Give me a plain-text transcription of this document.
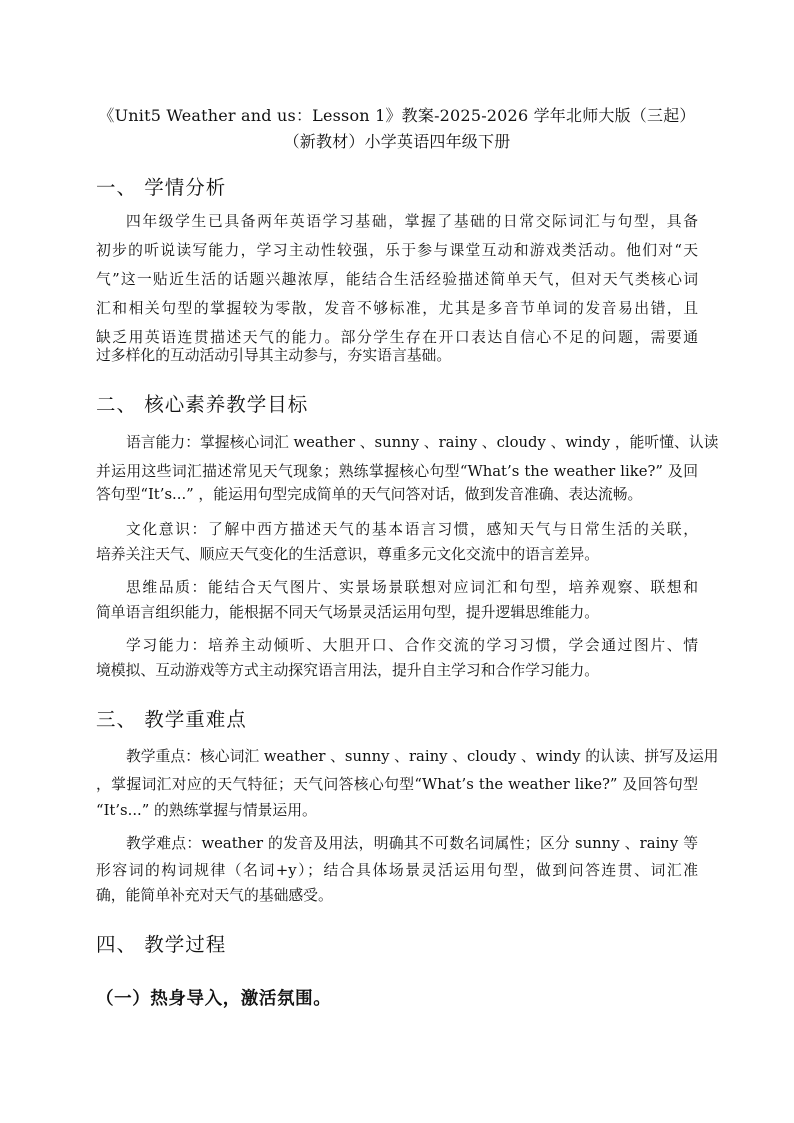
《Unit5 Weather and us：Lesson 1》教案-2025-2026 学年北师大版（三起）
（新教材）小学英语四年级下册
一、 学情分析
四年级学生已具备两年英语学习基础，掌握了基础的日常交际词汇与句型，具备
初步的听说读写能力，学习主动性较强，乐于参与课堂互动和游戏类活动。他们对“天
气”这一贴近生活的话题兴趣浓厚，能结合生活经验描述简单天气，但对天气类核心词
汇和相关句型的掌握较为零散，发音不够标准，尤其是多音节单词的发音易出错，且
缺乏用英语连贯描述天气的能力。部分学生存在开口表达自信心不足的问题，需要通
过多样化的互动活动引导其主动参与，夯实语言基础。
二、 核心素养教学目标
语言能力：掌握核心词汇 weather 、sunny 、rainy 、cloudy 、windy ，能听懂、认读
并运用这些词汇描述常见天气现象；熟练掌握核心句型“What’s the weather like?” 及回
答句型“It’s...” ，能运用句型完成简单的天气问答对话，做到发音准确、表达流畅。
文化意识：了解中西方描述天气的基本语言习惯，感知天气与日常生活的关联，
培养关注天气、顺应天气变化的生活意识，尊重多元文化交流中的语言差异。
思维品质：能结合天气图片、实景场景联想对应词汇和句型，培养观察、联想和
简单语言组织能力，能根据不同天气场景灵活运用句型，提升逻辑思维能力。
学习能力：培养主动倾听、大胆开口、合作交流的学习习惯，学会通过图片、情
境模拟、互动游戏等方式主动探究语言用法，提升自主学习和合作学习能力。
三、 教学重难点
教学重点：核心词汇 weather 、sunny 、rainy 、cloudy 、windy 的认读、拼写及运用
，掌握词汇对应的天气特征；天气问答核心句型“What’s the weather like?” 及回答句型
“It’s...” 的熟练掌握与情景运用。
教学难点：weather 的发音及用法，明确其不可数名词属性；区分 sunny 、rainy 等
形容词的构词规律（名词+y）；结合具体场景灵活运用句型，做到问答连贯、词汇准
确，能简单补充对天气的基础感受。
四、 教学过程
（一）热身导入，激活氛围。
